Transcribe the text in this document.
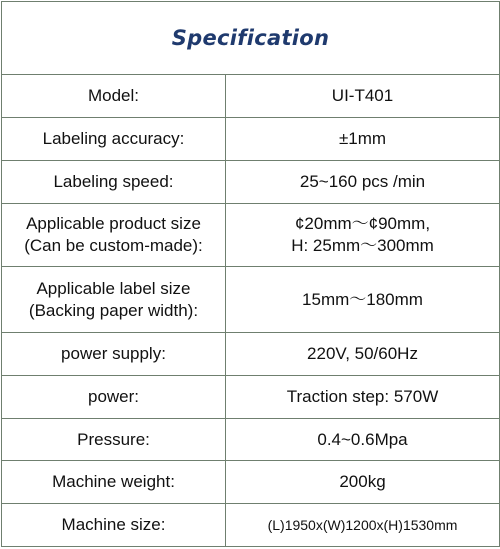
Specification	

Model:	UI-T401

Labeling accuracy:	±1mm

Labeling speed:	25~160 pcs /min

Applicable product size
(Can be custom-made):	¢20mm〜¢90mm,
H: 25mm〜300mm

Applicable label size
(Backing paper width):	15mm〜180mm

power supply:	220V, 50/60Hz

power:	Traction step: 570W

Pressure:	0.4~0.6Mpa

Machine weight:	200kg

Machine size:	(L)1950x(W)1200x(H)1530mm
